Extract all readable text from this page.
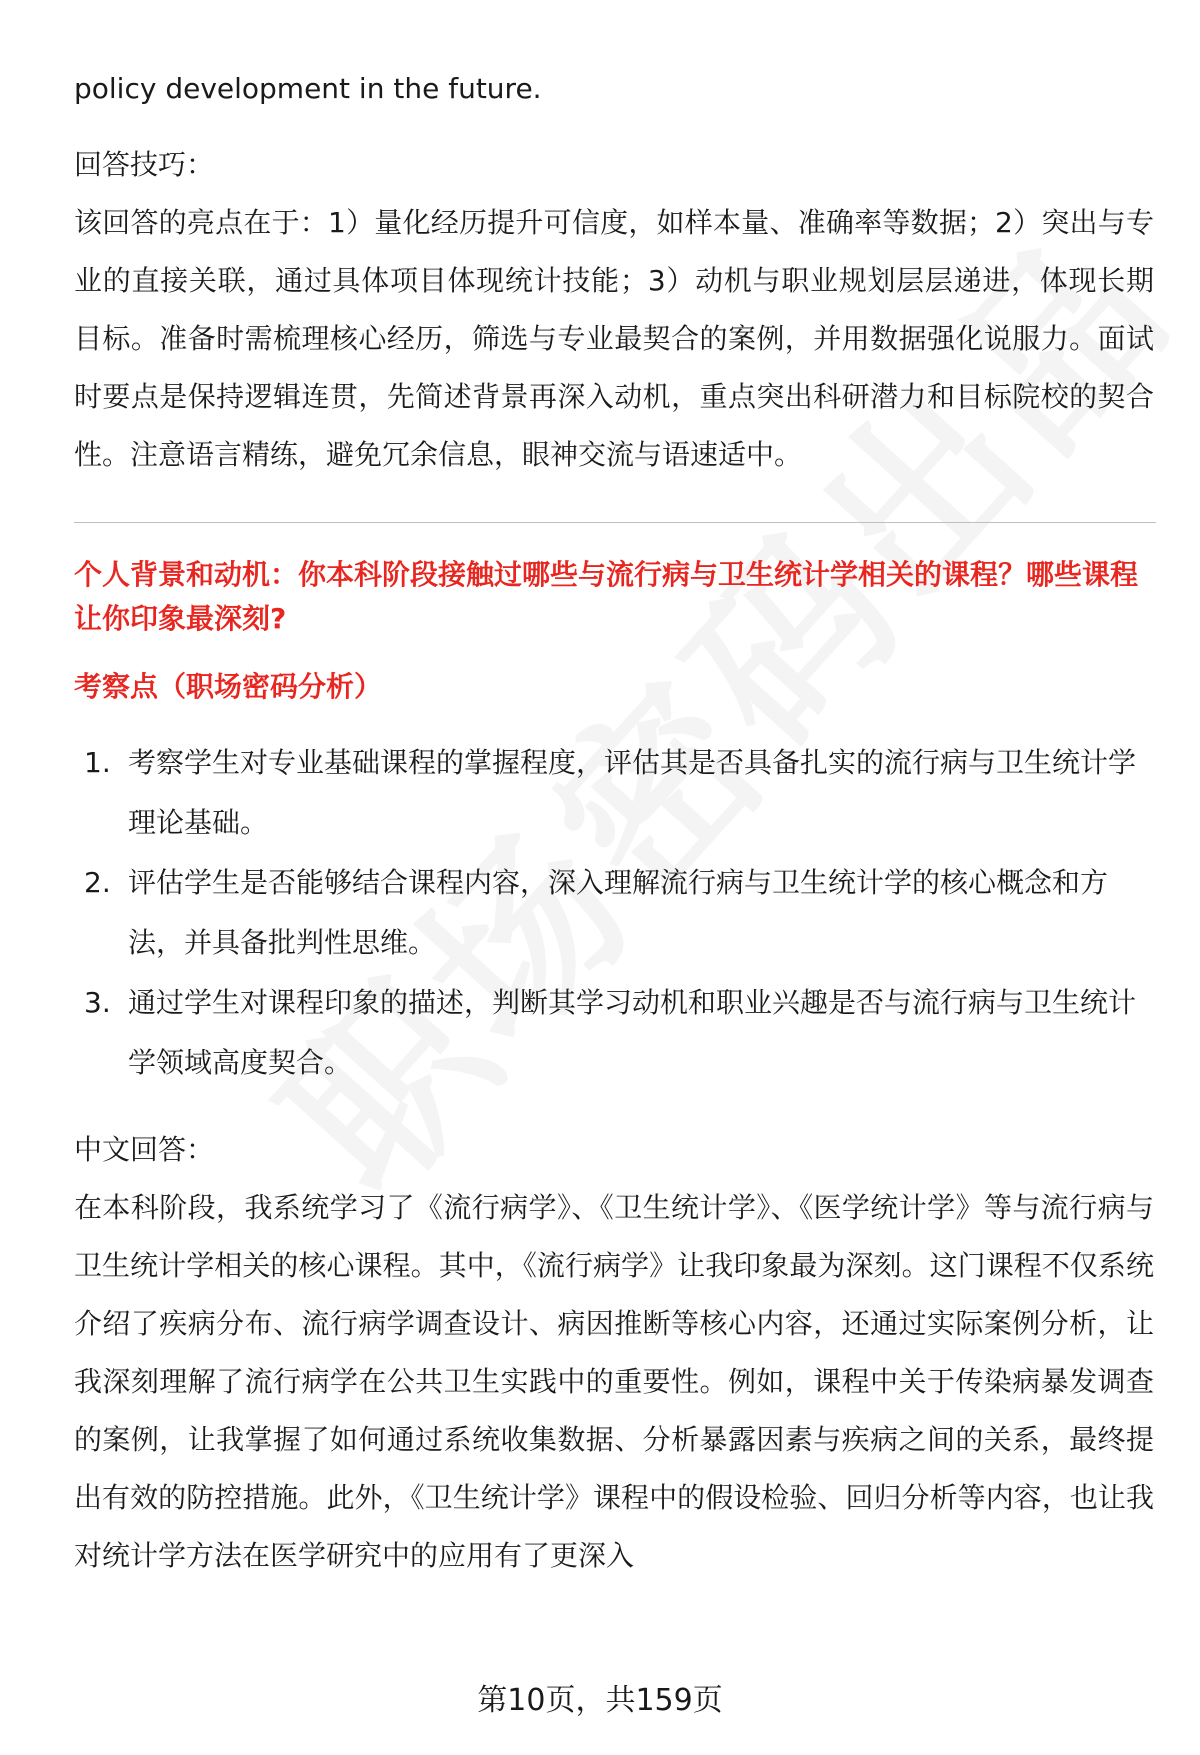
policy development in the future.

回答技巧：

该回答的亮点在于：1）量化经历提升可信度，如样本量、准确率等数据；2）突出与专业的直接关联，通过具体项目体现统计技能；3）动机与职业规划层层递进，体现长期目标。准备时需梳理核心经历，筛选与专业最契合的案例，并用数据强化说服力。面试时要点是保持逻辑连贯，先简述背景再深入动机，重点突出科研潜力和目标院校的契合性。注意语言精练，避免冗余信息，眼神交流与语速适中。

个人背景和动机：你本科阶段接触过哪些与流行病与卫生统计学相关的课程？哪些课程让你印象最深刻?
考察点（职场密码分析）
1. 考察学生对专业基础课程的掌握程度，评估其是否具备扎实的流行病与卫生统计学理论基础。
2. 评估学生是否能够结合课程内容，深入理解流行病与卫生统计学的核心概念和方法，并具备批判性思维。
3. 通过学生对课程印象的描述，判断其学习动机和职业兴趣是否与流行病与卫生统计学领域高度契合。

中文回答：

在本科阶段，我系统学习了《流行病学》、《卫生统计学》、《医学统计学》等与流行病与卫生统计学相关的核心课程。其中，《流行病学》让我印象最为深刻。这门课程不仅系统介绍了疾病分布、流行病学调查设计、病因推断等核心内容，还通过实际案例分析，让我深刻理解了流行病学在公共卫生实践中的重要性。例如，课程中关于传染病暴发调查的案例，让我掌握了如何通过系统收集数据、分析暴露因素与疾病之间的关系，最终提出有效的防控措施。此外，《卫生统计学》课程中的假设检验、回归分析等内容，也让我对统计学方法在医学研究中的应用有了更深入

第10页，共159页
